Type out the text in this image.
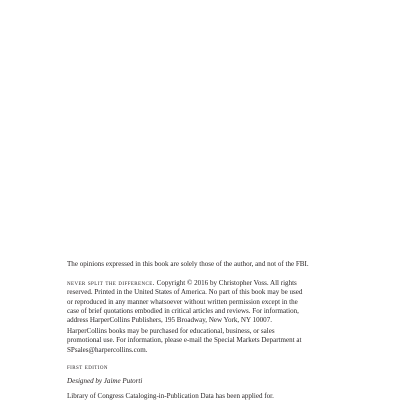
The opinions expressed in this book are solely those of the author, and not of the FBI.

never split the difference. Copyright © 2016 by Christopher Voss. All rights
reserved. Printed in the United States of America. No part of this book may be used
or reproduced in any manner whatsoever without written permission except in the
case of brief quotations embodied in critical articles and reviews. For information,
address HarperCollins Publishers, 195 Broadway, New York, NY 10007.

HarperCollins books may be purchased for educational, business, or sales
promotional use. For information, please e-mail the Special Markets Department at
SPsales@harpercollins.com.

first edition

Designed by Jaime Putorti

Library of Congress Cataloging-in-Publication Data has been applied for.
